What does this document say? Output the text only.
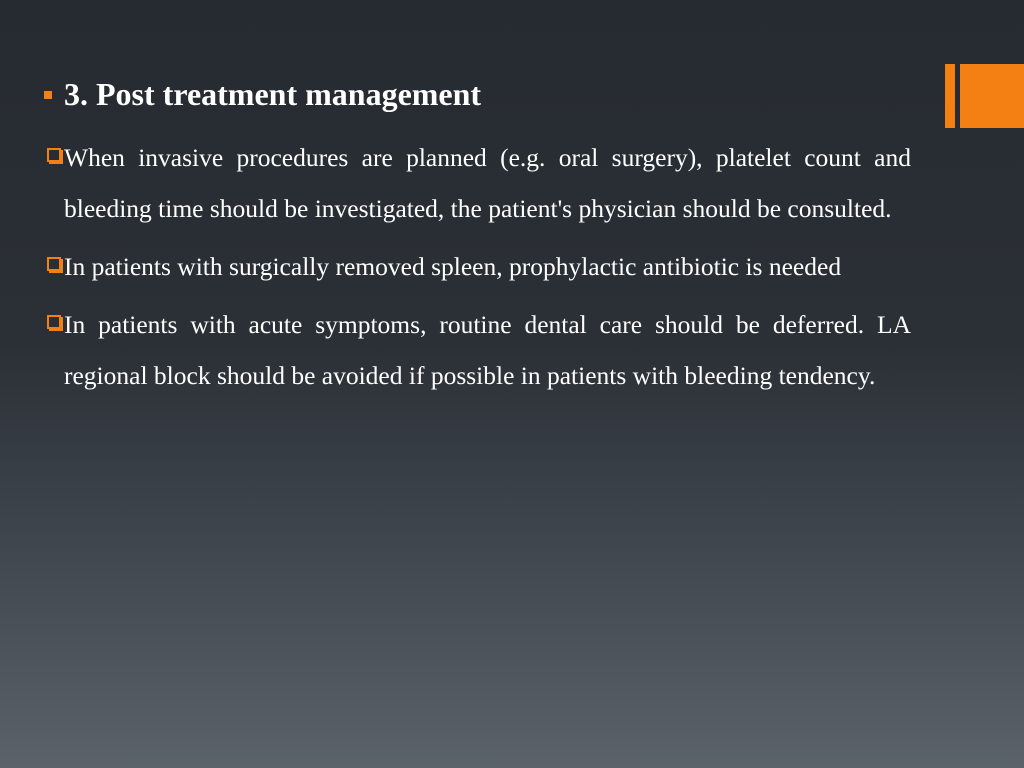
3. Post treatment management
When invasive procedures are planned (e.g. oral surgery), platelet count and bleeding time should be investigated, the patient's physician should be consulted.
In patients with surgically removed spleen, prophylactic antibiotic is needed
In patients with acute symptoms, routine dental care should be deferred. LA regional block should be avoided if possible in patients with bleeding tendency.
